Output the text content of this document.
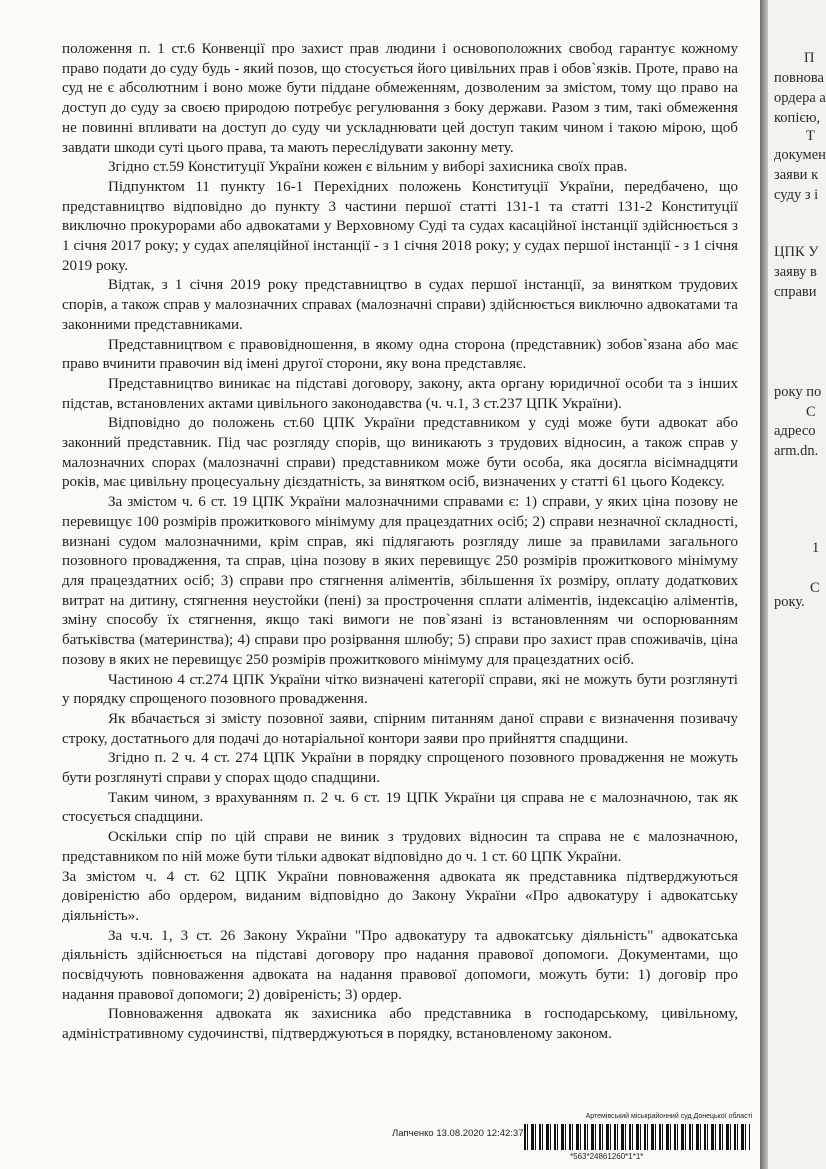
положення п. 1 ст.6 Конвенції про захист прав людини і основоположних свобод гарантує кожному право подати до суду будь - який позов, що стосується його цивільних прав і обов`язків. Проте, право на суд не є абсолютним і воно може бути піддане обмеженням, дозволеним за змістом, тому що право на доступ до суду за своєю природою потребує регулювання з боку держави. Разом з тим, такі обмеження не повинні впливати на доступ до суду чи ускладнювати цей доступ таким чином і такою мірою, щоб завдати шкоди суті цього права, та мають переслідувати законну мету.

Згідно ст.59 Конституції України кожен є вільним у виборі захисника своїх прав.

Підпунктом 11 пункту 16-1 Перехідних положень Конституції України, передбачено, що представництво відповідно до пункту 3 частини першої статті 131-1 та статті 131-2 Конституції виключно прокурорами або адвокатами у Верховному Суді та судах касаційної інстанції здійснюється з 1 січня 2017 року; у судах апеляційної інстанції - з 1 січня 2018 року; у судах першої інстанції - з 1 січня 2019 року.

Відтак, з 1 січня 2019 року представництво в судах першої інстанції, за винятком трудових спорів, а також справ у малозначних справах (малозначні справи) здійснюється виключно адвокатами та законними представниками.

Представництвом є правовідношення, в якому одна сторона (представник) зобов`язана або має право вчинити правочин від імені другої сторони, яку вона представляє.

Представництво виникає на підставі договору, закону, акта органу юридичної особи та з інших підстав, встановлених актами цивільного законодавства (ч. ч.1, 3 ст.237 ЦПК України).

Відповідно до положень ст.60 ЦПК України представником у суді може бути адвокат або законний представник. Під час розгляду спорів, що виникають з трудових відносин, а також справ у малозначних спорах (малозначні справи) представником може бути особа, яка досягла вісімнадцяти років, має цивільну процесуальну дієздатність, за винятком осіб, визначених у статті 61 цього Кодексу.

За змістом ч. 6 ст. 19 ЦПК України малозначними справами є: 1) справи, у яких ціна позову не перевищує 100 розмірів прожиткового мінімуму для працездатних осіб; 2) справи незначної складності, визнані судом малозначними, крім справ, які підлягають розгляду лише за правилами загального позовного провадження, та справ, ціна позову в яких перевищує 250 розмірів прожиткового мінімуму для працездатних осіб; 3) справи про стягнення аліментів, збільшення їх розміру, оплату додаткових витрат на дитину, стягнення неустойки (пені) за прострочення сплати аліментів, індексацію аліментів, зміну способу їх стягнення, якщо такі вимоги не пов`язані із встановленням чи оспорюванням батьківства (материнства); 4) справи про розірвання шлюбу; 5) справи про захист прав споживачів, ціна позову в яких не перевищує 250 розмірів прожиткового мінімуму для працездатних осіб.

Частиною 4 ст.274 ЦПК України чітко визначені категорії справи, які не можуть бути розглянуті у порядку спрощеного позовного провадження.

Як вбачається зі змісту позовної заяви, спірним питанням даної справи є визначення позивачу строку, достатнього для подачі до нотаріальної контори заяви про прийняття спадщини.

Згідно п. 2 ч. 4 ст. 274 ЦПК України в порядку спрощеного позовного провадження не можуть бути розглянуті справи у спорах щодо спадщини.

Таким чином, з врахуванням п. 2 ч. 6 ст. 19 ЦПК України ця справа не є малозначною, так як стосується спадщини.

Оскільки спір по цій справи не виник з трудових відносин та справа не є малозначною, представником по ній може бути тільки адвокат відповідно до ч. 1 ст. 60 ЦПК України.

За змістом ч. 4 ст. 62 ЦПК України повноваження адвоката як представника підтверджуються довіреністю або ордером, виданим відповідно до Закону України «Про адвокатуру і адвокатську діяльність».

За ч.ч. 1, 3 ст. 26 Закону України "Про адвокатуру та адвокатську діяльність" адвокатська діяльність здійснюється на підставі договору про надання правової допомоги. Документами, що посвідчують повноваження адвоката на надання правової допомоги, можуть бути: 1) договір про надання правової допомоги; 2) довіреність; 3) ордер.

Повноваження адвоката як захисника або представника в господарському, цивільному, адміністративному судочинстві, підтверджуються в порядку, встановленому законом.

Артемівський міськрайонний суд Донецької області
Лапченко 13.08.2020 12:42:37
*563*24861260*1*1*
П
повнова
ордера а
копією,
Т
докумен
заяви к
суду з і
ЦПК У
заяву в
справи
року по
С
адресо
arm.dn.
1
С
року.
